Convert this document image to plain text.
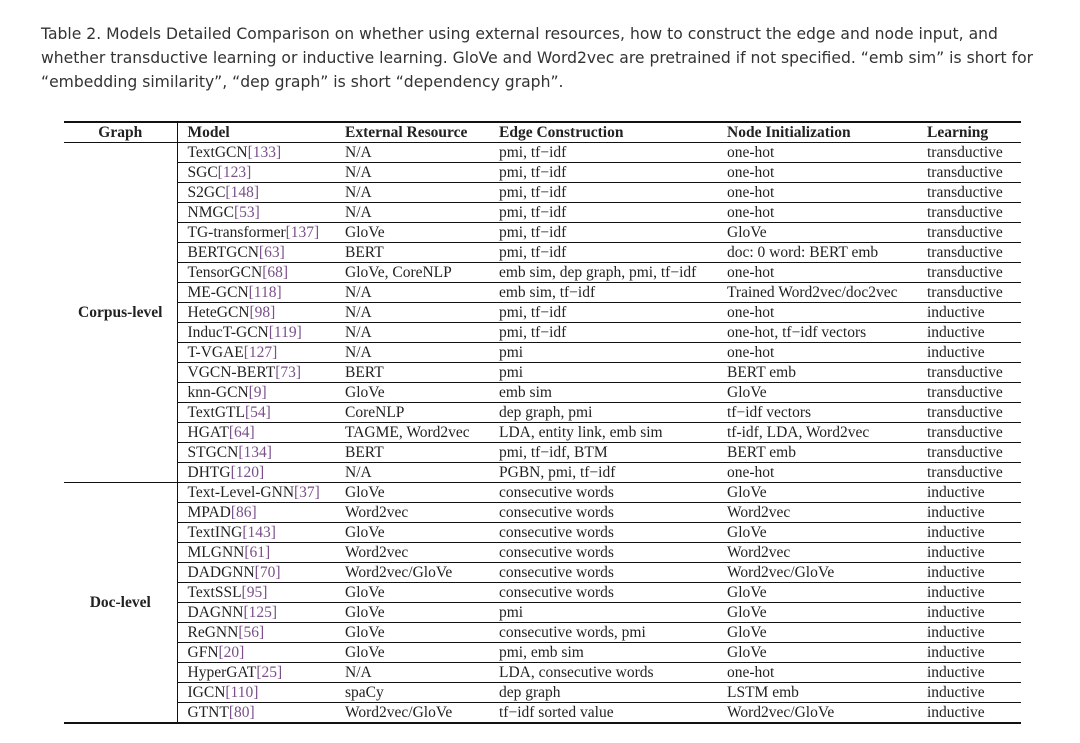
Table 2. Models Detailed Comparison on whether using external resources, how to construct the edge and node input, and whether transductive learning or inductive learning. GloVe and Word2vec are pretrained if not specified. “emb sim” is short for “embedding similarity”, “dep graph” is short “dependency graph”.
Graph	Model	External Resource	Edge Construction	Node Initialization	Learning
Corpus-level	TextGCN[133]	N/A	pmi, tf−idf	one-hot	transductive
	SGC[123]	N/A	pmi, tf−idf	one-hot	transductive
	S2GC[148]	N/A	pmi, tf−idf	one-hot	transductive
	NMGC[53]	N/A	pmi, tf−idf	one-hot	transductive
	TG-transformer[137]	GloVe	pmi, tf−idf	GloVe	transductive
	BERTGCN[63]	BERT	pmi, tf−idf	doc: 0 word: BERT emb	transductive
	TensorGCN[68]	GloVe, CoreNLP	emb sim, dep graph, pmi, tf−idf	one-hot	transductive
	ME-GCN[118]	N/A	emb sim, tf−idf	Trained Word2vec/doc2vec	transductive
	HeteGCN[98]	N/A	pmi, tf−idf	one-hot	inductive
	InducT-GCN[119]	N/A	pmi, tf−idf	one-hot, tf−idf vectors	inductive
	T-VGAE[127]	N/A	pmi	one-hot	inductive
	VGCN-BERT[73]	BERT	pmi	BERT emb	transductive
	knn-GCN[9]	GloVe	emb sim	GloVe	transductive
	TextGTL[54]	CoreNLP	dep graph, pmi	tf−idf vectors	transductive
	HGAT[64]	TAGME, Word2vec	LDA, entity link, emb sim	tf-idf, LDA, Word2vec	transductive
	STGCN[134]	BERT	pmi, tf−idf, BTM	BERT emb	transductive
	DHTG[120]	N/A	PGBN, pmi, tf−idf	one-hot	transductive
Doc-level	Text-Level-GNN[37]	GloVe	consecutive words	GloVe	inductive
	MPAD[86]	Word2vec	consecutive words	Word2vec	inductive
	TextING[143]	GloVe	consecutive words	GloVe	inductive
	MLGNN[61]	Word2vec	consecutive words	Word2vec	inductive
	DADGNN[70]	Word2vec/GloVe	consecutive words	Word2vec/GloVe	inductive
	TextSSL[95]	GloVe	consecutive words	GloVe	inductive
	DAGNN[125]	GloVe	pmi	GloVe	inductive
	ReGNN[56]	GloVe	consecutive words, pmi	GloVe	inductive
	GFN[20]	GloVe	pmi, emb sim	GloVe	inductive
	HyperGAT[25]	N/A	LDA, consecutive words	one-hot	inductive
	IGCN[110]	spaCy	dep graph	LSTM emb	inductive
	GTNT[80]	Word2vec/GloVe	tf−idf sorted value	Word2vec/GloVe	inductive
